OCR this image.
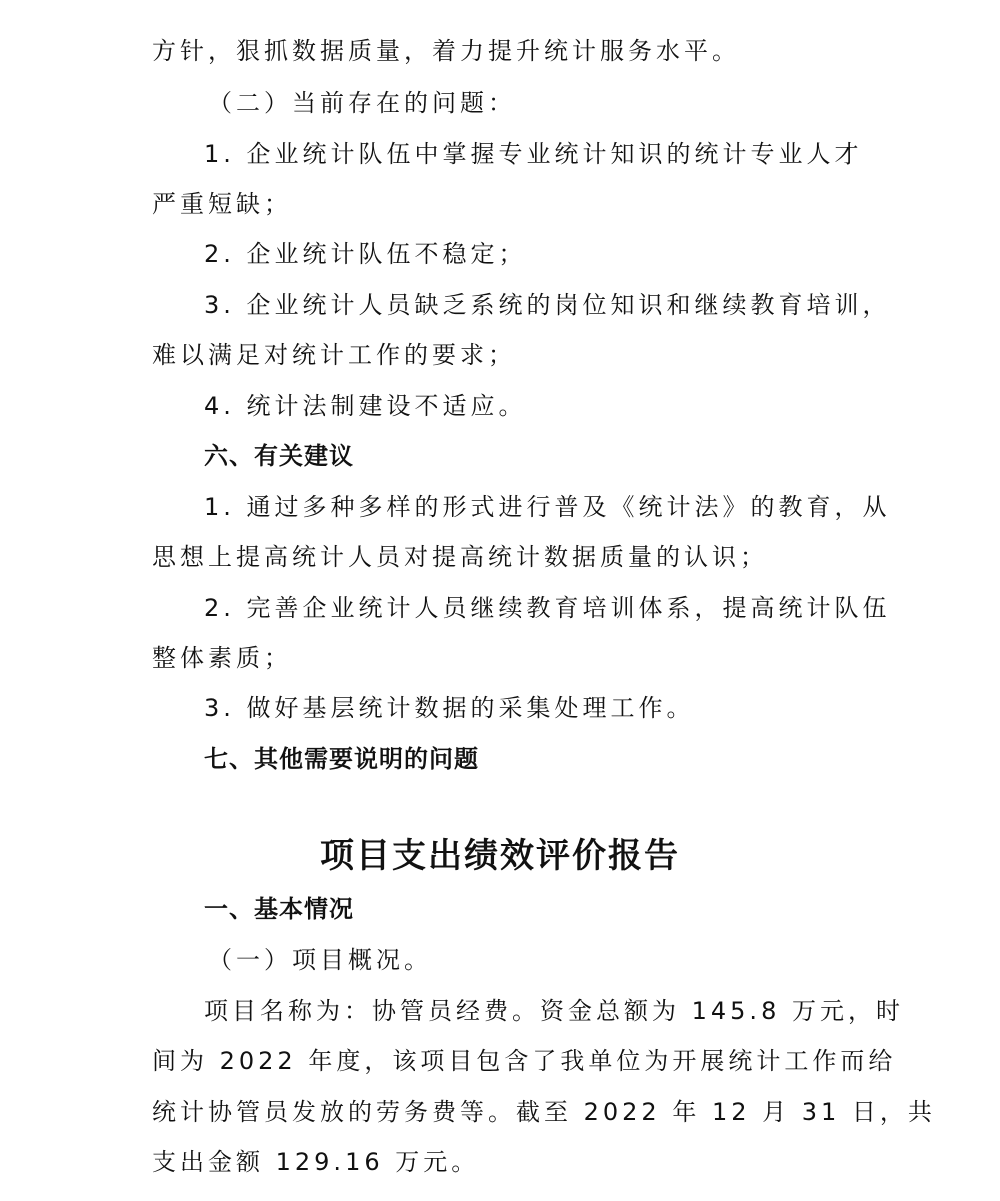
方针，狠抓数据质量，着力提升统计服务水平。
（二）当前存在的问题：
1. 企业统计队伍中掌握专业统计知识的统计专业人才
严重短缺；
2. 企业统计队伍不稳定；
3. 企业统计人员缺乏系统的岗位知识和继续教育培训，
难以满足对统计工作的要求；
4. 统计法制建设不适应。
六、有关建议
1. 通过多种多样的形式进行普及《统计法》的教育，从
思想上提高统计人员对提高统计数据质量的认识；
2. 完善企业统计人员继续教育培训体系，提高统计队伍
整体素质；
3. 做好基层统计数据的采集处理工作。
七、其他需要说明的问题
项目支出绩效评价报告
一、基本情况
（一）项目概况。
项目名称为：协管员经费。资金总额为 145.8 万元，时
间为 2022 年度，该项目包含了我单位为开展统计工作而给
统计协管员发放的劳务费等。截至 2022 年 12 月 31 日，共
支出金额 129.16 万元。
